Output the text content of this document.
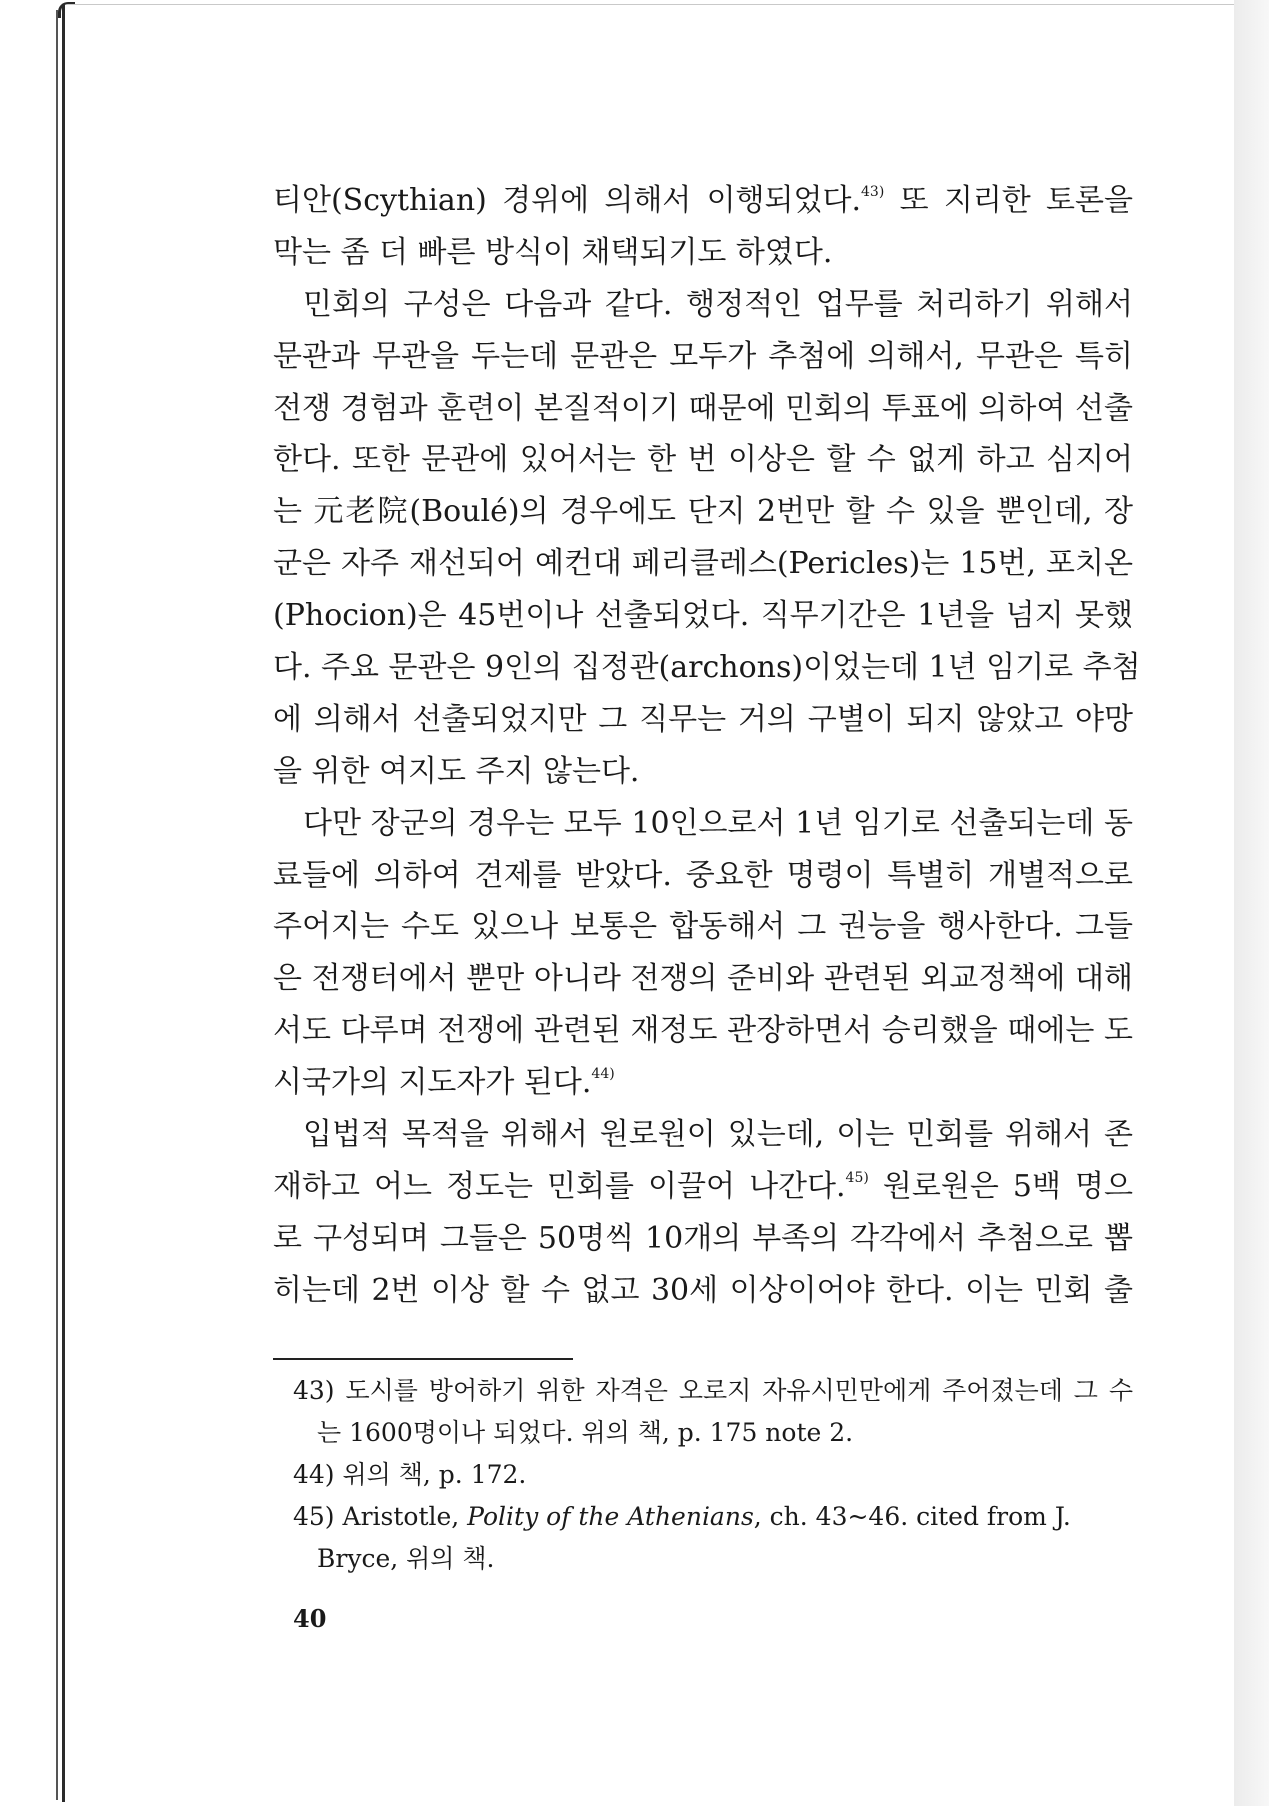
티안(Scythian) 경위에 의해서 이행되었다.$^{43)}$ 또 지리한 토론을
막는 좀 더 빠른 방식이 채택되기도 하였다.
민회의 구성은 다음과 같다. 행정적인 업무를 처리하기 위해서
문관과 무관을 두는데 문관은 모두가 추첨에 의해서, 무관은 특히
전쟁 경험과 훈련이 본질적이기 때문에 민회의 투표에 의하여 선출
한다. 또한 문관에 있어서는 한 번 이상은 할 수 없게 하고 심지어
는 元老院(Boulé)의 경우에도 단지 2번만 할 수 있을 뿐인데, 장
군은 자주 재선되어 예컨대 페리클레스(Pericles)는 15번, 포치온
(Phocion)은 45번이나 선출되었다. 직무기간은 1년을 넘지 못했
다. 주요 문관은 9인의 집정관(archons)이었는데 1년 임기로 추첨
에 의해서 선출되었지만 그 직무는 거의 구별이 되지 않았고 야망
을 위한 여지도 주지 않는다.
다만 장군의 경우는 모두 10인으로서 1년 임기로 선출되는데 동
료들에 의하여 견제를 받았다. 중요한 명령이 특별히 개별적으로
주어지는 수도 있으나 보통은 합동해서 그 권능을 행사한다. 그들
은 전쟁터에서 뿐만 아니라 전쟁의 준비와 관련된 외교정책에 대해
서도 다루며 전쟁에 관련된 재정도 관장하면서 승리했을 때에는 도
시국가의 지도자가 된다.$^{44)}$
입법적 목적을 위해서 원로원이 있는데, 이는 민회를 위해서 존
재하고 어느 정도는 민회를 이끌어 나간다.$^{45)}$ 원로원은 5백 명으
로 구성되며 그들은 50명씩 10개의 부족의 각각에서 추첨으로 뽑
히는데 2번 이상 할 수 없고 30세 이상이어야 한다. 이는 민회 출
43) 도시를 방어하기 위한 자격은 오로지 자유시민만에게 주어졌는데 그 수
는 1600명이나 되었다. 위의 책, p. 175 note 2.
44) 위의 책, p. 172.
45) Aristotle, Polity of the Athenians, ch. 43~46. cited from J.
Bryce, 위의 책.
40
